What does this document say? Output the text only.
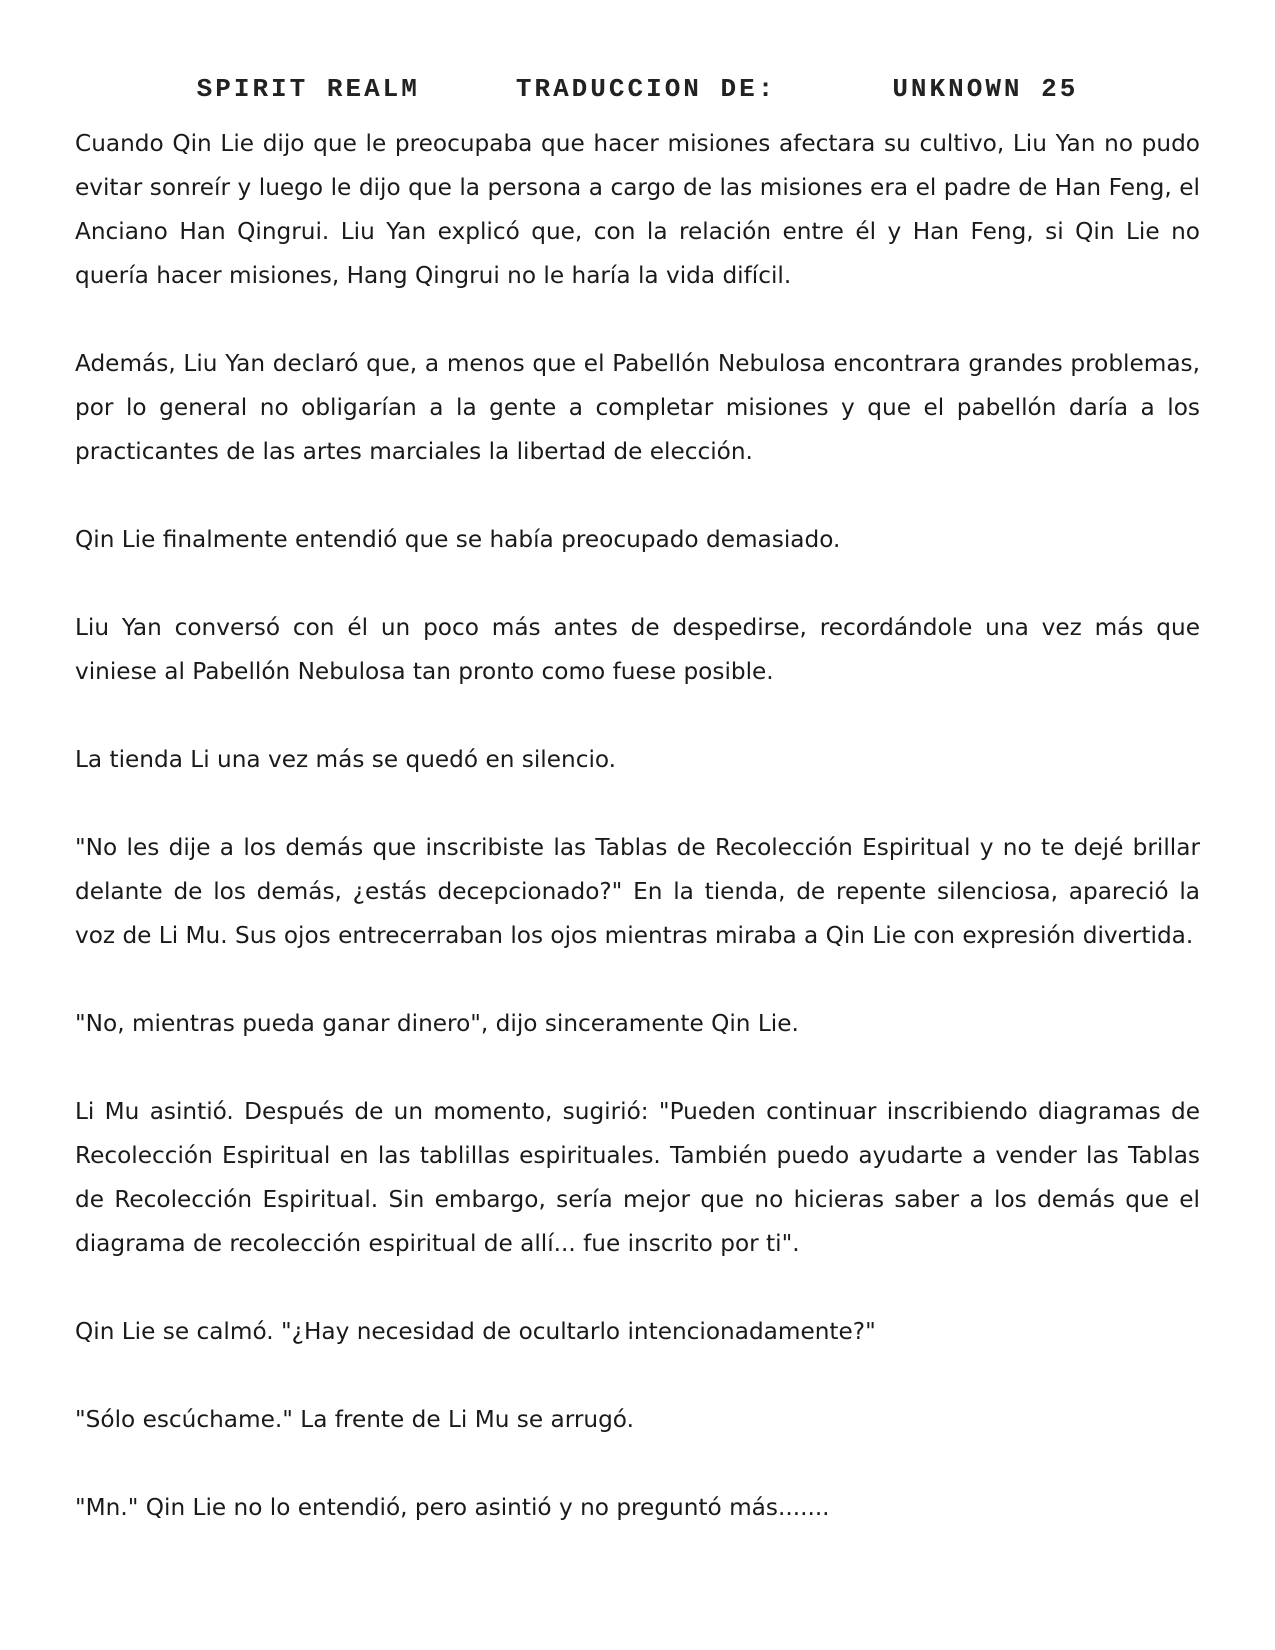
SPIRIT REALM	TRADUCCION DE:	UNKNOWN 25

Cuando Qin Lie dijo que le preocupaba que hacer misiones afectara su cultivo, Liu Yan no pudo evitar sonreír y luego le dijo que la persona a cargo de las misiones era el padre de Han Feng, el Anciano Han Qingrui. Liu Yan explicó que, con la relación entre él y Han Feng, si Qin Lie no quería hacer misiones, Hang Qingrui no le haría la vida difícil.

Además, Liu Yan declaró que, a menos que el Pabellón Nebulosa encontrara grandes problemas, por lo general no obligarían a la gente a completar misiones y que el pabellón daría a los practicantes de las artes marciales la libertad de elección.

Qin Lie finalmente entendió que se había preocupado demasiado.

Liu Yan conversó con él un poco más antes de despedirse, recordándole una vez más que viniese al Pabellón Nebulosa tan pronto como fuese posible.

La tienda Li una vez más se quedó en silencio.

"No les dije a los demás que inscribiste las Tablas de Recolección Espiritual y no te dejé brillar delante de los demás, ¿estás decepcionado?" En la tienda, de repente silenciosa, apareció la voz de Li Mu. Sus ojos entrecerraban los ojos mientras miraba a Qin Lie con expresión divertida.

"No, mientras pueda ganar dinero", dijo sinceramente Qin Lie.

Li Mu asintió. Después de un momento, sugirió: "Pueden continuar inscribiendo diagramas de Recolección Espiritual en las tablillas espirituales. También puedo ayudarte a vender las Tablas de Recolección Espiritual. Sin embargo, sería mejor que no hicieras saber a los demás que el diagrama de recolección espiritual de allí... fue inscrito por ti".

Qin Lie se calmó. "¿Hay necesidad de ocultarlo intencionadamente?"

"Sólo escúchame." La frente de Li Mu se arrugó.

"Mn." Qin Lie no lo entendió, pero asintió y no preguntó más.......
